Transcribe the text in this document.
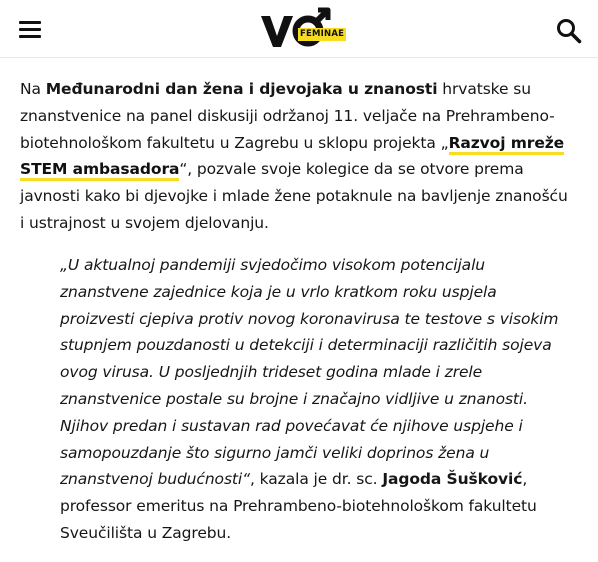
FEMINAE

Na Međunarodni dan žena i djevojaka u znanosti hrvatske su znanstvenice na panel diskusiji održanoj 11. veljače na Prehrambeno-biotehnološkom fakultetu u Zagrebu u sklopu projekta „Razvoj mreže STEM ambasadora“, pozvale svoje kolegice da se otvore prema javnosti kako bi djevojke i mlade žene potaknule na bavljenje znanošću i ustrajnost u svojem djelovanju.

„U aktualnoj pandemiji svjedočimo visokom potencijalu znanstvene zajednice koja je u vrlo kratkom roku uspjela proizvesti cjepiva protiv novog koronavirusa te testove s visokim stupnjem pouzdanosti u detekciji i determinaciji različitih sojeva ovog virusa. U posljednjih trideset godina mlade i zrele znanstvenice postale su brojne i značajno vidljive u znanosti. Njihov predan i sustavan rad povećavat će njihove uspjehe i samopouzdanje što sigurno jamči veliki doprinos žena u znanstvenoj budućnosti“, kazala je dr. sc. Jagoda Šušković, professor emeritus na Prehrambeno-biotehnološkom fakultetu Sveučilišta u Zagrebu.
